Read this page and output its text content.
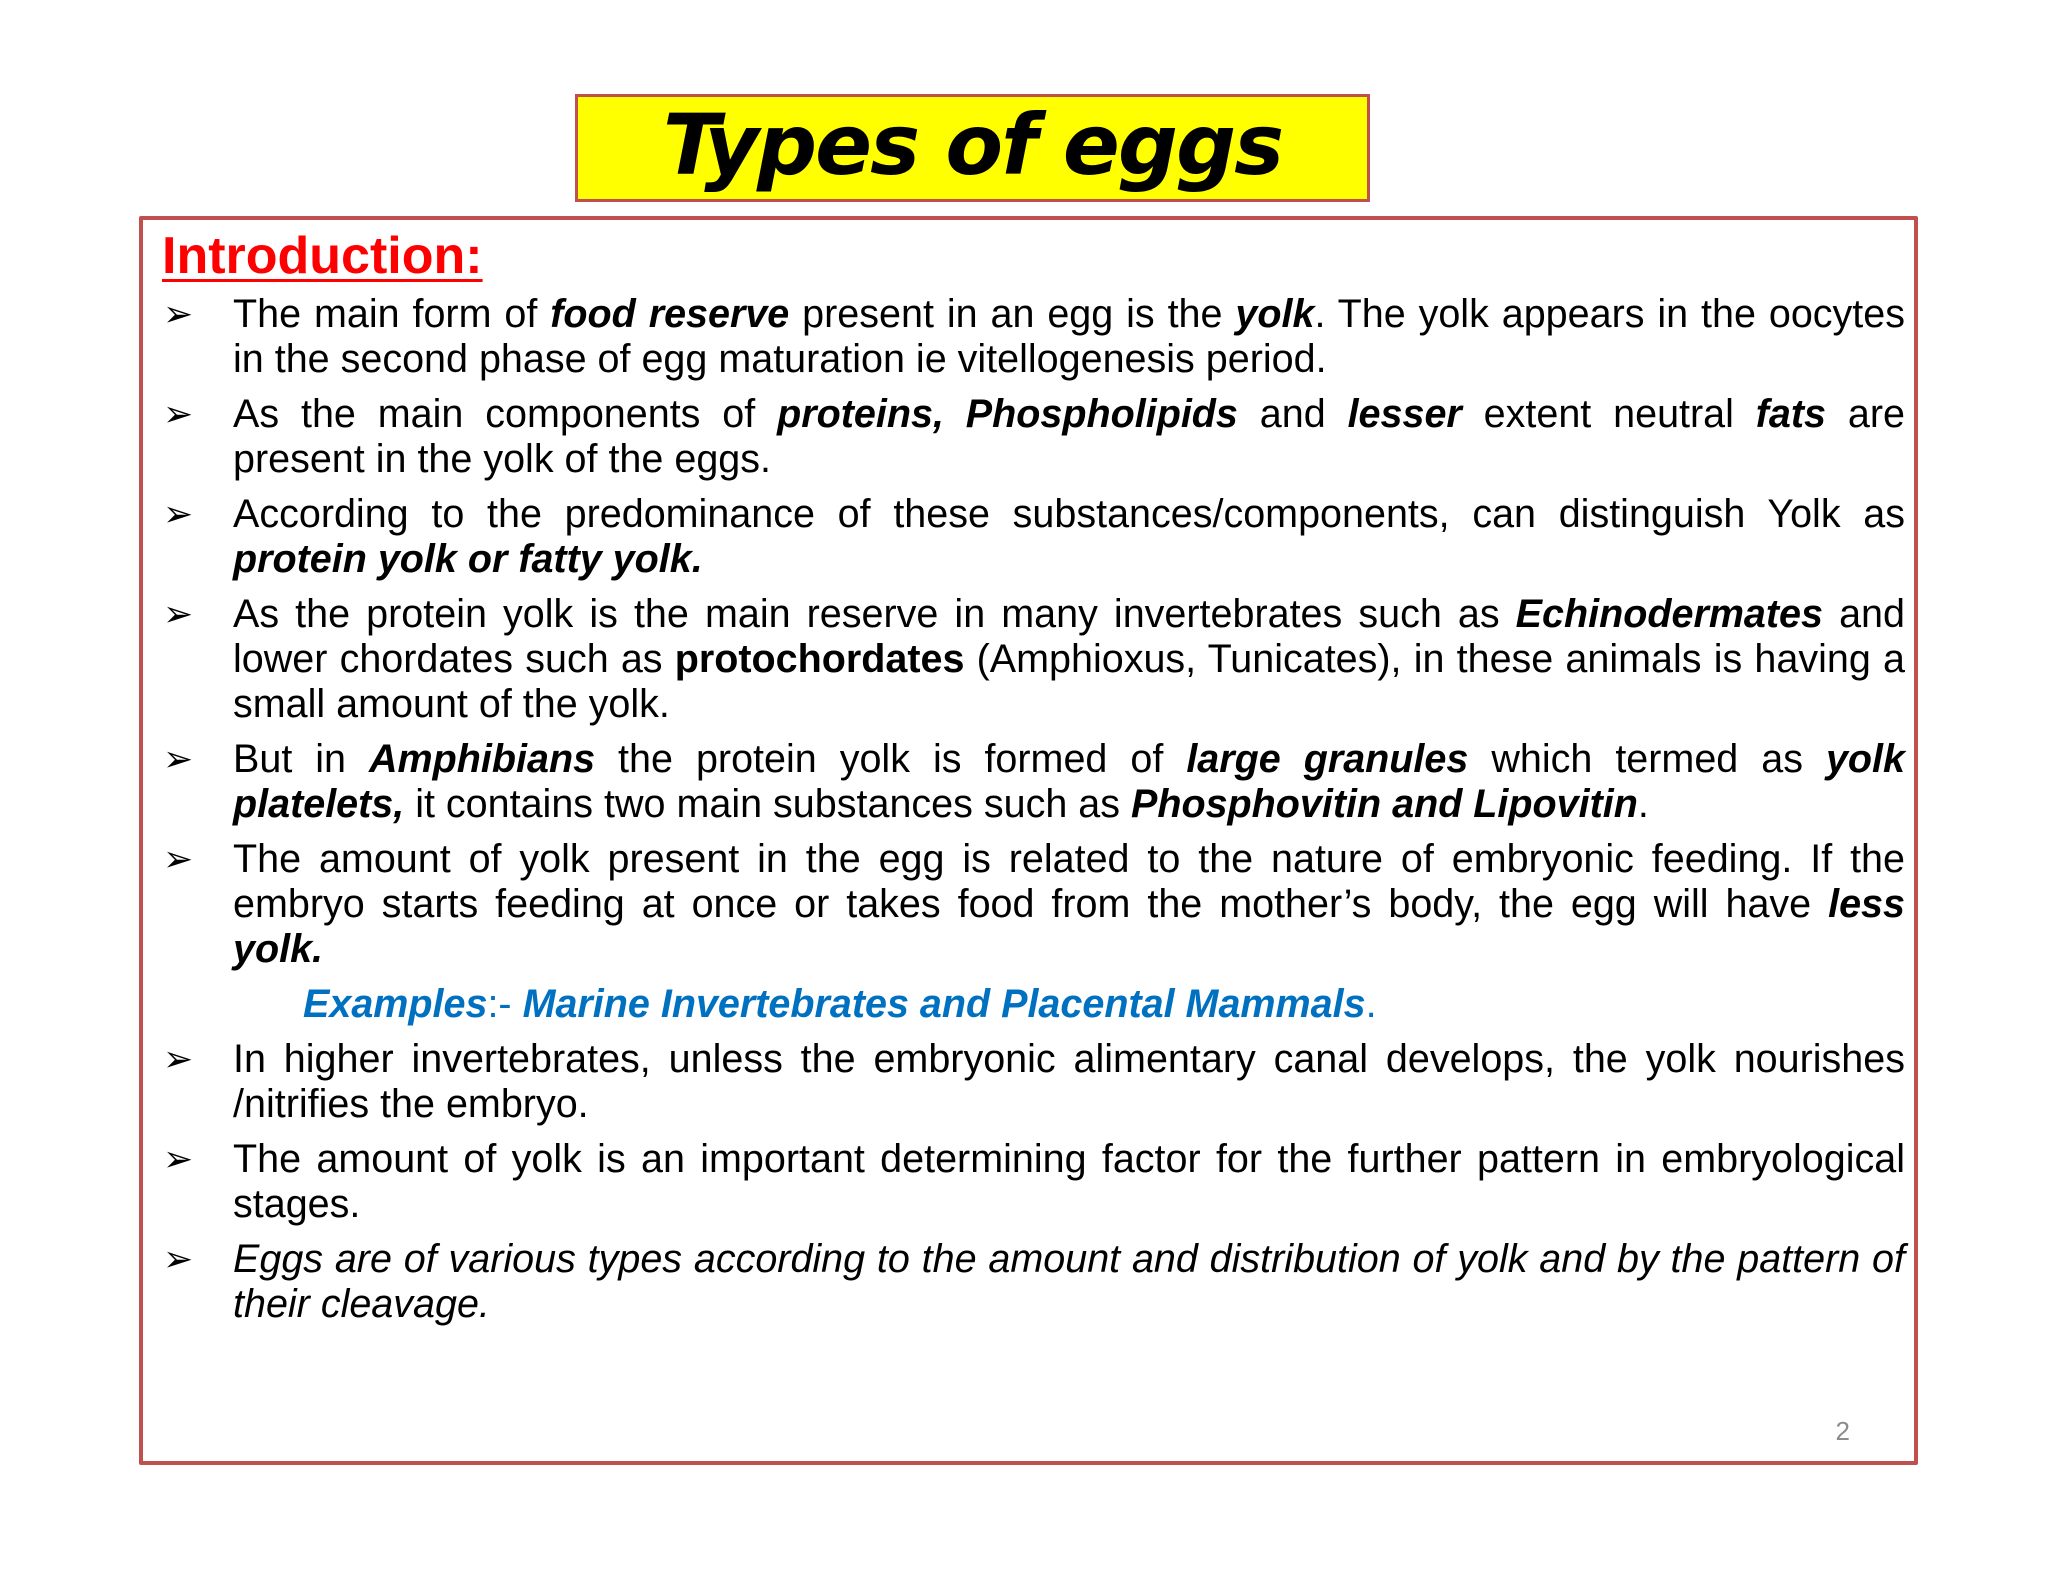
Types of eggs
Introduction:
➢ The main form of food reserve present in an egg is the yolk. The yolk appears in the oocytes in the second phase of egg maturation ie vitellogenesis period.
➢ As the main components of proteins, Phospholipids and lesser extent neutral fats are present in the yolk of the eggs.
➢ According to the predominance of these substances/components, can distinguish Yolk as protein yolk or fatty yolk.
➢ As the protein yolk is the main reserve in many invertebrates such as Echinodermates and lower chordates such as protochordates (Amphioxus, Tunicates), in these animals is having a small amount of the yolk.
➢ But in Amphibians the protein yolk is formed of large granules which termed as yolk platelets, it contains two main substances such as Phosphovitin and Lipovitin.
➢ The amount of yolk present in the egg is related to the nature of embryonic feeding. If the embryo starts feeding at once or takes food from the mother’s body, the egg will have less yolk.
Examples:- Marine Invertebrates and Placental Mammals.
➢ In higher invertebrates, unless the embryonic alimentary canal develops, the yolk nourishes /nitrifies the embryo.
➢ The amount of yolk is an important determining factor for the further pattern in embryological stages.
➢ Eggs are of various types according to the amount and distribution of yolk and by the pattern of their cleavage.
2
